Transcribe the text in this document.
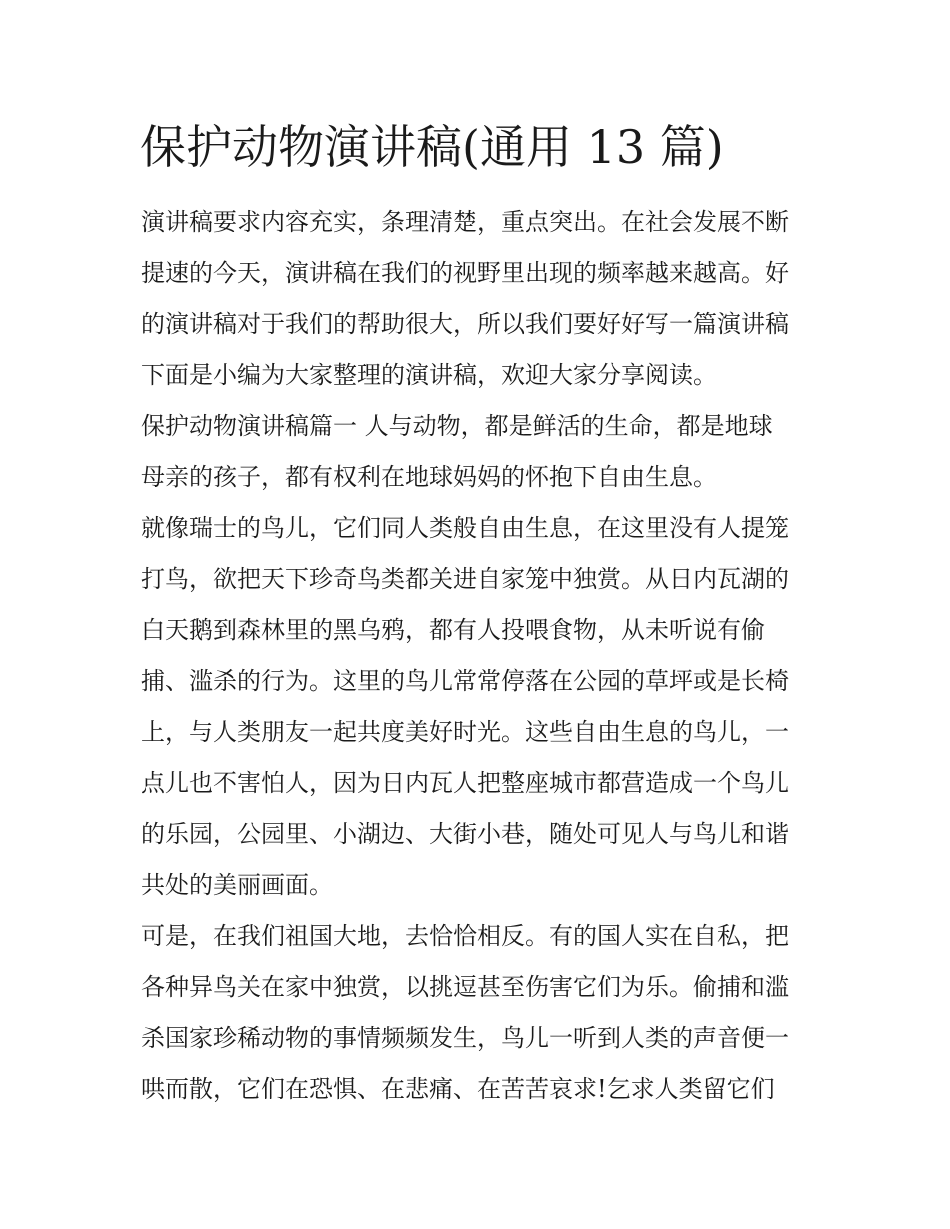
保护动物演讲稿(通用 13 篇)
演讲稿要求内容充实，条理清楚，重点突出。在社会发展不断
提速的今天，演讲稿在我们的视野里出现的频率越来越高。好
的演讲稿对于我们的帮助很大，所以我们要好好写一篇演讲稿
下面是小编为大家整理的演讲稿，欢迎大家分享阅读。
保护动物演讲稿篇一 人与动物，都是鲜活的生命，都是地球
母亲的孩子，都有权利在地球妈妈的怀抱下自由生息。
就像瑞士的鸟儿，它们同人类般自由生息，在这里没有人提笼
打鸟，欲把天下珍奇鸟类都关进自家笼中独赏。从日内瓦湖的
白天鹅到森林里的黑乌鸦，都有人投喂食物，从未听说有偷
捕、滥杀的行为。这里的鸟儿常常停落在公园的草坪或是长椅
上，与人类朋友一起共度美好时光。这些自由生息的鸟儿，一
点儿也不害怕人，因为日内瓦人把整座城市都营造成一个鸟儿
的乐园，公园里、小湖边、大街小巷，随处可见人与鸟儿和谐
共处的美丽画面。
可是，在我们祖国大地，去恰恰相反。有的国人实在自私，把
各种异鸟关在家中独赏，以挑逗甚至伤害它们为乐。偷捕和滥
杀国家珍稀动物的事情频频发生，鸟儿一听到人类的声音便一
哄而散，它们在恐惧、在悲痛、在苦苦哀求!乞求人类留它们
